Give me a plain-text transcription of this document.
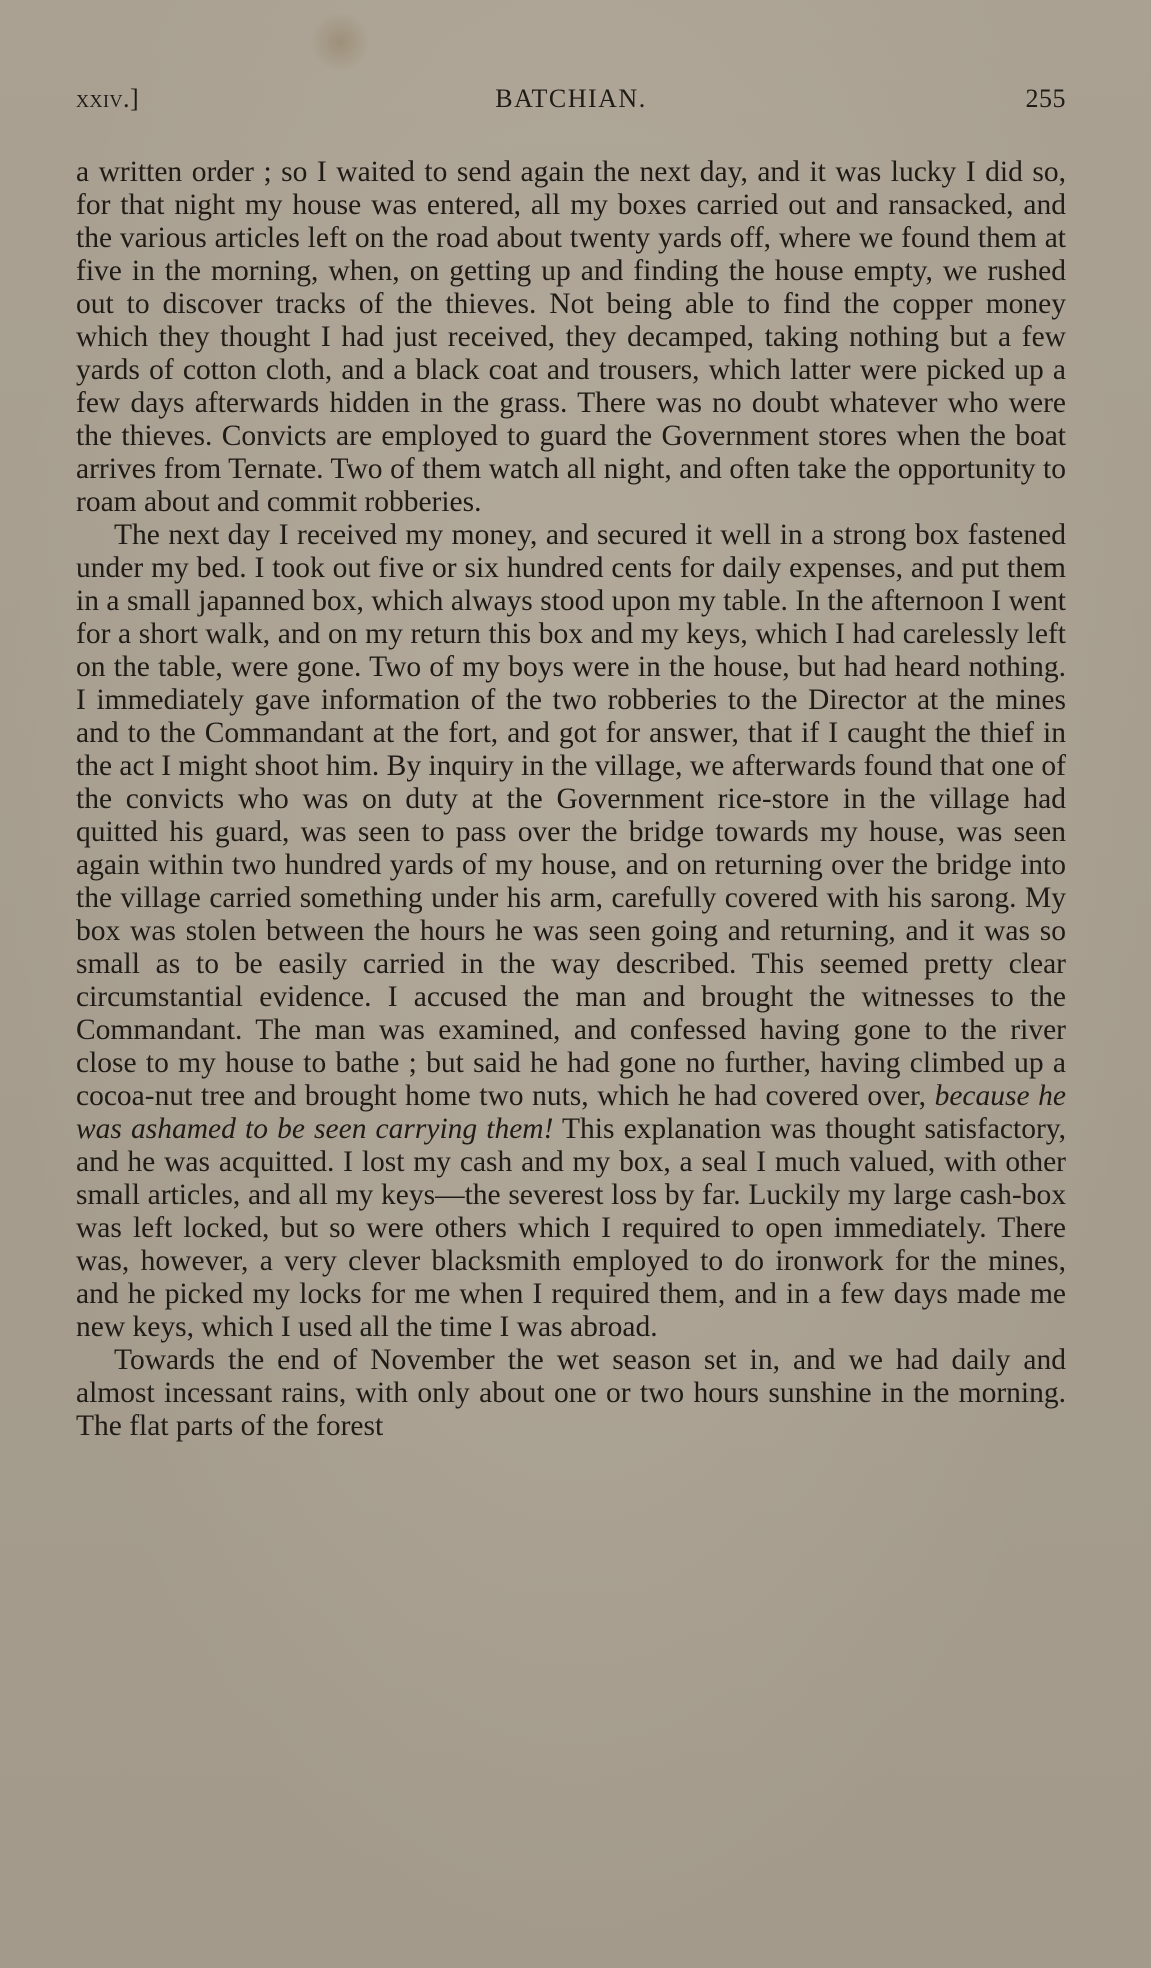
xxiv.]	BATCHIAN.	255

a written order ; so I waited to send again the next day, and it was lucky I did so, for that night my house was entered, all my boxes carried out and ransacked, and the various articles left on the road about twenty yards off, where we found them at five in the morning, when, on getting up and finding the house empty, we rushed out to discover tracks of the thieves. Not being able to find the copper money which they thought I had just received, they decamped, taking nothing but a few yards of cotton cloth, and a black coat and trousers, which latter were picked up a few days afterwards hidden in the grass. There was no doubt whatever who were the thieves. Convicts are employed to guard the Government stores when the boat arrives from Ternate. Two of them watch all night, and often take the opportunity to roam about and commit robberies.

The next day I received my money, and secured it well in a strong box fastened under my bed. I took out five or six hundred cents for daily expenses, and put them in a small japanned box, which always stood upon my table. In the afternoon I went for a short walk, and on my return this box and my keys, which I had carelessly left on the table, were gone. Two of my boys were in the house, but had heard nothing. I immediately gave information of the two robberies to the Director at the mines and to the Commandant at the fort, and got for answer, that if I caught the thief in the act I might shoot him. By inquiry in the village, we afterwards found that one of the convicts who was on duty at the Government rice-store in the village had quitted his guard, was seen to pass over the bridge towards my house, was seen again within two hundred yards of my house, and on returning over the bridge into the village carried something under his arm, carefully covered with his sarong. My box was stolen between the hours he was seen going and returning, and it was so small as to be easily carried in the way described. This seemed pretty clear circumstantial evidence. I accused the man and brought the witnesses to the Commandant. The man was examined, and confessed having gone to the river close to my house to bathe ; but said he had gone no further, having climbed up a cocoa-nut tree and brought home two nuts, which he had covered over, because he was ashamed to be seen carrying them! This explanation was thought satisfactory, and he was acquitted. I lost my cash and my box, a seal I much valued, with other small articles, and all my keys—the severest loss by far. Luckily my large cash-box was left locked, but so were others which I required to open immediately. There was, however, a very clever blacksmith employed to do ironwork for the mines, and he picked my locks for me when I required them, and in a few days made me new keys, which I used all the time I was abroad.

Towards the end of November the wet season set in, and we had daily and almost incessant rains, with only about one or two hours sunshine in the morning. The flat parts of the forest
